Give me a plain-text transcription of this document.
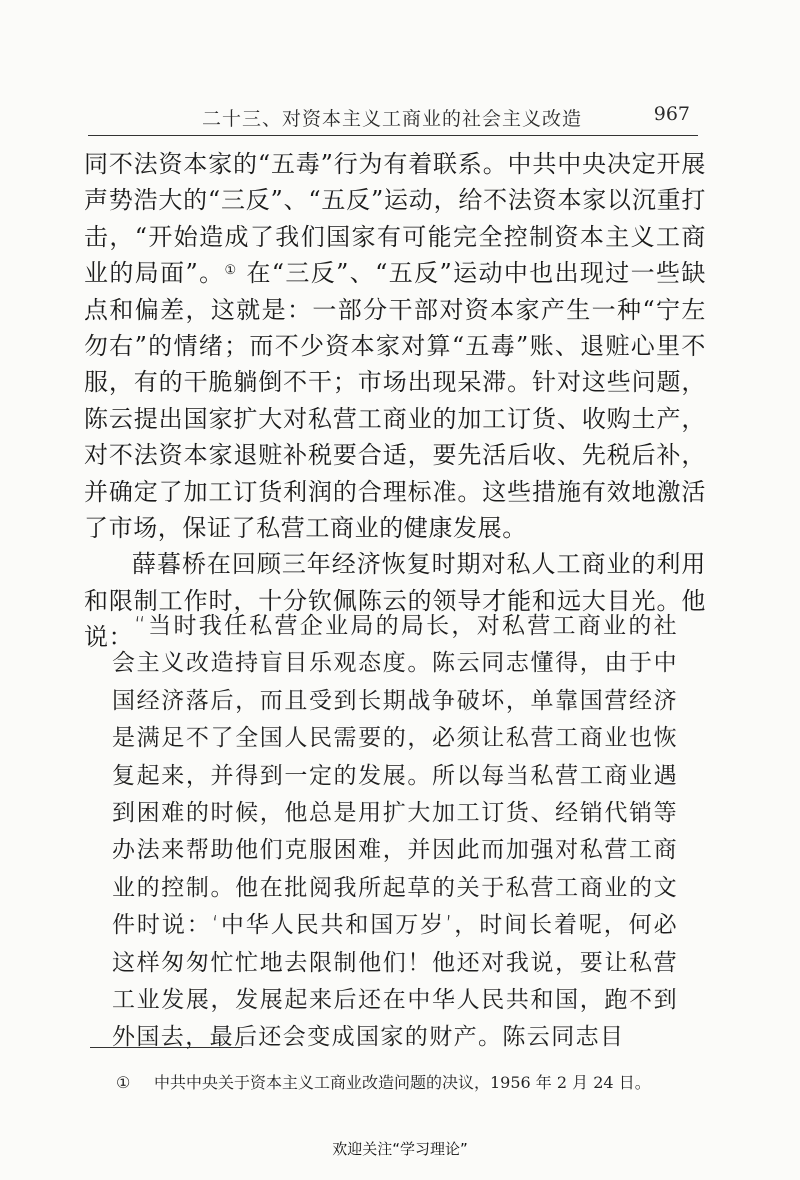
二十三、对资本主义工商业的社会主义改造	967

同不法资本家的“五毒”行为有着联系。中共中央决定开展声势浩大的“三反”、“五反”运动，给不法资本家以沉重打击，“开始造成了我们国家有可能完全控制资本主义工商业的局面”。① 在“三反”、“五反”运动中也出现过一些缺点和偏差，这就是：一部分干部对资本家产生一种“宁左勿右”的情绪；而不少资本家对算“五毒”账、退赃心里不服，有的干脆躺倒不干；市场出现呆滞。针对这些问题，陈云提出国家扩大对私营工商业的加工订货、收购土产，对不法资本家退赃补税要合适，要先活后收、先税后补，并确定了加工订货利润的合理标准。这些措施有效地激活了市场，保证了私营工商业的健康发展。

薛暮桥在回顾三年经济恢复时期对私人工商业的利用和限制工作时，十分钦佩陈云的领导才能和远大目光。他说： “当时我任私营企业局的局长，对私营工商业的社会主义改造持盲目乐观态度。陈云同志懂得，由于中国经济落后，而且受到长期战争破坏，单靠国营经济是满足不了全国人民需要的，必须让私营工商业也恢复起来，并得到一定的发展。所以每当私营工商业遇到困难的时候，他总是用扩大加工订货、经销代销等办法来帮助他们克服困难，并因此而加强对私营工商业的控制。他在批阅我所起草的关于私营工商业的文件时说：‘中华人民共和国万岁’，时间长着呢，何必这样匆匆忙忙地去限制他们！他还对我说，要让私营工业发展，发展起来后还在中华人民共和国，跑不到外国去，最后还会变成国家的财产。陈云同志目

① 中共中央关于资本主义工商业改造问题的决议，1956 年 2 月 24 日。
欢迎关注“学习理论”
